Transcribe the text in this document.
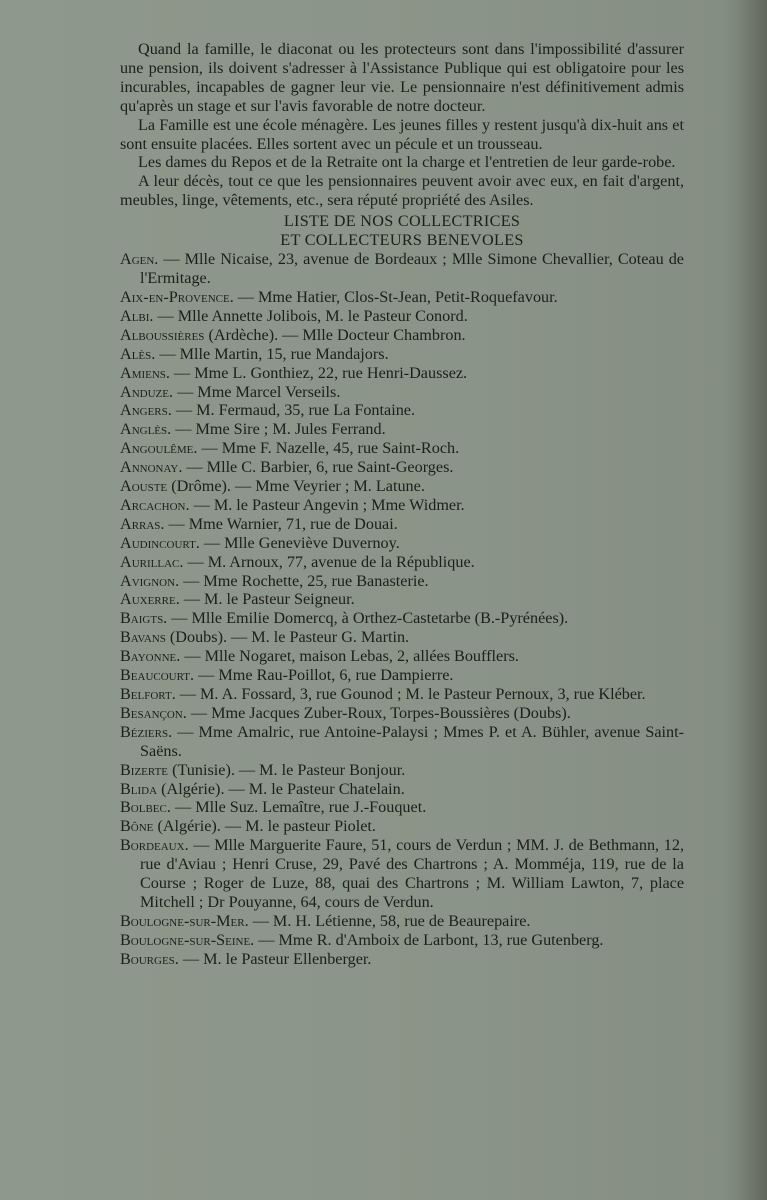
Quand la famille, le diaconat ou les protecteurs sont dans l'impossibilité d'assurer une pension, ils doivent s'adresser à l'Assistance Publique qui est obligatoire pour les incurables, incapables de gagner leur vie. Le pensionnaire n'est définitivement admis qu'après un stage et sur l'avis favorable de notre docteur.

La Famille est une école ménagère. Les jeunes filles y restent jusqu'à dix-huit ans et sont ensuite placées. Elles sortent avec un pécule et un trousseau.

Les dames du Repos et de la Retraite ont la charge et l'entretien de leur garde-robe.

A leur décès, tout ce que les pensionnaires peuvent avoir avec eux, en fait d'argent, meubles, linge, vêtements, etc., sera réputé propriété des Asiles.

LISTE DE NOS COLLECTRICES
ET COLLECTEURS BENEVOLES

Agen. — Mlle Nicaise, 23, avenue de Bordeaux ; Mlle Simone Chevallier, Coteau de l'Ermitage.

Aix-en-Provence. — Mme Hatier, Clos-St-Jean, Petit-Roquefavour.

Albi. — Mlle Annette Jolibois, M. le Pasteur Conord.

Alboussières (Ardèche). — Mlle Docteur Chambron.

Alès. — Mlle Martin, 15, rue Mandajors.

Amiens. — Mme L. Gonthiez, 22, rue Henri-Daussez.

Anduze. — Mme Marcel Verseils.

Angers. — M. Fermaud, 35, rue La Fontaine.

Anglès. — Mme Sire ; M. Jules Ferrand.

Angoulême. — Mme F. Nazelle, 45, rue Saint-Roch.

Annonay. — Mlle C. Barbier, 6, rue Saint-Georges.

Aouste (Drôme). — Mme Veyrier ; M. Latune.

Arcachon. — M. le Pasteur Angevin ; Mme Widmer.

Arras. — Mme Warnier, 71, rue de Douai.

Audincourt. — Mlle Geneviève Duvernoy.

Aurillac. — M. Arnoux, 77, avenue de la République.

Avignon. — Mme Rochette, 25, rue Banasterie.

Auxerre. — M. le Pasteur Seigneur.

Baigts. — Mlle Emilie Domercq, à Orthez-Castetarbe (B.-Pyrénées).

Bavans (Doubs). — M. le Pasteur G. Martin.

Bayonne. — Mlle Nogaret, maison Lebas, 2, allées Boufflers.

Beaucourt. — Mme Rau-Poillot, 6, rue Dampierre.

Belfort. — M. A. Fossard, 3, rue Gounod ; M. le Pasteur Pernoux, 3, rue Kléber.

Besançon. — Mme Jacques Zuber-Roux, Torpes-Boussières (Doubs).

Béziers. — Mme Amalric, rue Antoine-Palaysi ; Mmes P. et A. Bühler, avenue Saint-Saëns.

Bizerte (Tunisie). — M. le Pasteur Bonjour.

Blida (Algérie). — M. le Pasteur Chatelain.

Bolbec. — Mlle Suz. Lemaître, rue J.-Fouquet.

Bône (Algérie). — M. le pasteur Piolet.

Bordeaux. — Mlle Marguerite Faure, 51, cours de Verdun ; MM. J. de Bethmann, 12, rue d'Aviau ; Henri Cruse, 29, Pavé des Chartrons ; A. Momméja, 119, rue de la Course ; Roger de Luze, 88, quai des Chartrons ; M. William Lawton, 7, place Mitchell ; Dr Pouyanne, 64, cours de Verdun.

Boulogne-sur-Mer. — M. H. Létienne, 58, rue de Beaurepaire.

Boulogne-sur-Seine. — Mme R. d'Amboix de Larbont, 13, rue Gutenberg.

Bourges. — M. le Pasteur Ellenberger.
